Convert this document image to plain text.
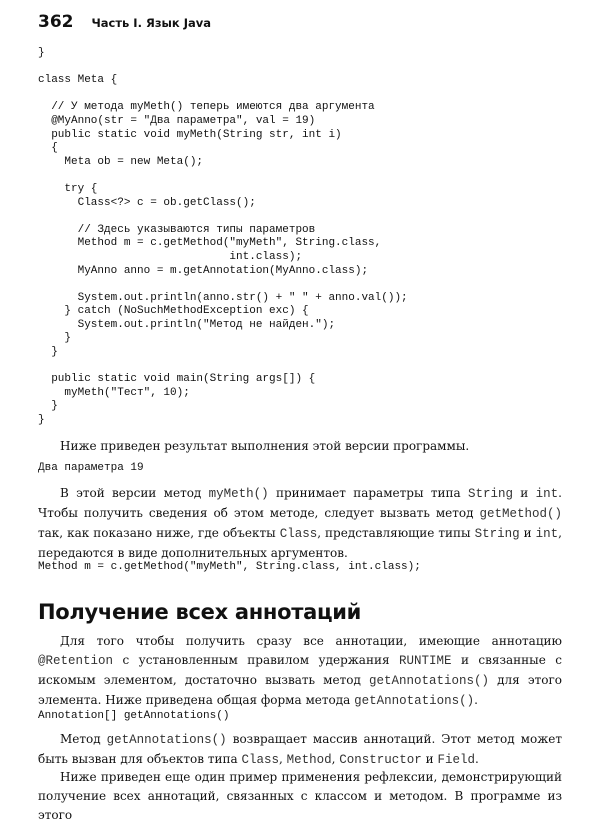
362 Часть I. Язык Java
}

class Meta {

// У метода myMeth() теперь имеются два аргумента
@MyAnno(str = "Два параметра", val = 19)
public static void myMeth(String str, int i)
{
Meta ob = new Meta();

try {
Class<?> c = ob.getClass();

// Здесь указываются типы параметров
Method m = c.getMethod("myMeth", String.class,
int.class);
MyAnno anno = m.getAnnotation(MyAnno.class);

System.out.println(anno.str() + " " + anno.val());
} catch (NoSuchMethodException exc) {
System.out.println("Метод не найден.");
}
}

public static void main(String args[]) {
myMeth("Тест", 10);
}
}

Ниже приведен результат выполнения этой версии программы.

Два параметра 19

В этой версии метод myMeth() принимает параметры типа String и int. Чтобы получить сведения об этом методе, следует вызвать метод getMethod() так, как показано ниже, где объекты Class, представляющие типы String и int, передаются в виде дополнительных аргументов.

Method m = c.getMethod("myMeth", String.class, int.class);
Получение всех аннотаций

Для того чтобы получить сразу все аннотации, имеющие аннотацию @Retention с установленным правилом удержания RUNTIME и связанные с искомым элементом, достаточно вызвать метод getAnnotations() для этого элемента. Ниже приведена общая форма метода getAnnotations().

Annotation[] getAnnotations()

Метод getAnnotations() возвращает массив аннотаций. Этот метод может быть вызван для объектов типа Class, Method, Constructor и Field.

Ниже приведен еще один пример применения рефлексии, демонстрирующий получение всех аннотаций, связанных с классом и методом. В программе из этого
